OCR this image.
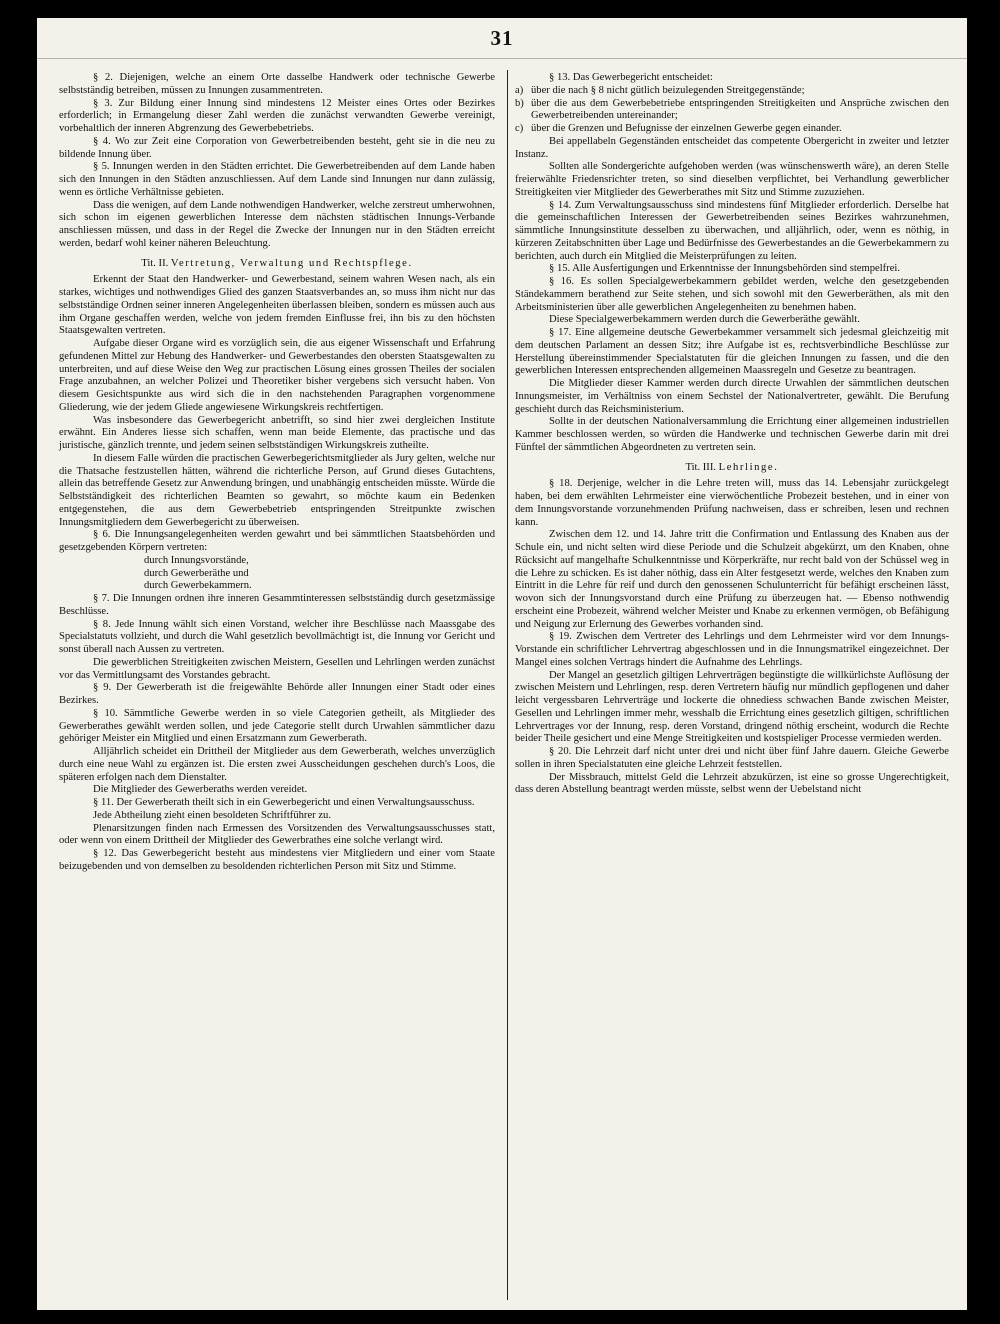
31

§ 2. Diejenigen, welche an einem Orte dasselbe Handwerk oder technische Gewerbe selbstständig betreiben, müssen zu Innungen zusammentreten.

§ 3. Zur Bildung einer Innung sind mindestens 12 Meister eines Ortes oder Bezirkes erforderlich; in Ermangelung dieser Zahl werden die zunächst verwandten Gewerbe vereinigt, vorbehaltlich der inneren Abgrenzung des Gewerbebetriebs.

§ 4. Wo zur Zeit eine Corporation von Gewerbetreibenden besteht, geht sie in die neu zu bildende Innung über.

§ 5. Innungen werden in den Städten errichtet. Die Gewerbetreibenden auf dem Lande haben sich den Innungen in den Städten anzuschliessen. Auf dem Lande sind Innungen nur dann zulässig, wenn es örtliche Verhältnisse gebieten.

Dass die wenigen, auf dem Lande nothwendigen Handwerker, welche zerstreut umherwohnen, sich schon im eigenen gewerblichen Interesse dem nächsten städtischen Innungs-Verbande anschliessen müssen, und dass in der Regel die Zwecke der Innungen nur in den Städten erreicht werden, bedarf wohl keiner näheren Beleuchtung.

Tit. II. Vertretung, Verwaltung und Rechtspflege.

Erkennt der Staat den Handwerker- und Gewerbestand, seinem wahren Wesen nach, als ein starkes, wichtiges und nothwendiges Glied des ganzen Staatsverbandes an, so muss ihm nicht nur das selbstständige Ordnen seiner inneren Angelegenheiten überlassen bleiben, sondern es müssen auch aus ihm Organe geschaffen werden, welche von jedem fremden Einflusse frei, ihn bis zu den höchsten Staatsgewalten vertreten.

Aufgabe dieser Organe wird es vorzüglich sein, die aus eigener Wissenschaft und Erfahrung gefundenen Mittel zur Hebung des Handwerker- und Gewerbestandes den obersten Staatsgewalten zu unterbreiten, und auf diese Weise den Weg zur practischen Lösung eines grossen Theiles der socialen Frage anzubahnen, an welcher Polizei und Theoretiker bisher vergebens sich versucht haben. Von diesem Gesichtspunkte aus wird sich die in den nachstehenden Paragraphen vorgenommene Gliederung, wie der jedem Gliede angewiesene Wirkungskreis rechtfertigen.

Was insbesondere das Gewerbegericht anbetrifft, so sind hier zwei dergleichen Institute erwähnt. Ein Anderes liesse sich schaffen, wenn man beide Elemente, das practische und das juristische, gänzlich trennte, und jedem seinen selbstständigen Wirkungskreis zutheilte.

In diesem Falle würden die practischen Gewerbegerichtsmitglieder als Jury gelten, welche nur die Thatsache festzustellen hätten, während die richterliche Person, auf Grund dieses Gutachtens, allein das betreffende Gesetz zur Anwendung bringen, und unabhängig entscheiden müsste. Würde die Selbstständigkeit des richterlichen Beamten so gewahrt, so möchte kaum ein Bedenken entgegenstehen, die aus dem Gewerbebetrieb entspringenden Streitpunkte zwischen Innungsmitgliedern dem Gewerbegericht zu überweisen.

§ 6. Die Innungsangelegenheiten werden gewahrt und bei sämmtlichen Staatsbehörden und gesetzgebenden Körpern vertreten:

durch Innungsvorstände,

durch Gewerberäthe und

durch Gewerbekammern.

§ 7. Die Innungen ordnen ihre inneren Gesammtinteressen selbstständig durch gesetzmässige Beschlüsse.

§ 8. Jede Innung wählt sich einen Vorstand, welcher ihre Beschlüsse nach Maassgabe des Specialstatuts vollzieht, und durch die Wahl gesetzlich bevollmächtigt ist, die Innung vor Gericht und sonst überall nach Aussen zu vertreten.

Die gewerblichen Streitigkeiten zwischen Meistern, Gesellen und Lehrlingen werden zunächst vor das Vermittlungsamt des Vorstandes gebracht.

§ 9. Der Gewerberath ist die freigewählte Behörde aller Innungen einer Stadt oder eines Bezirkes.

§ 10. Sämmtliche Gewerbe werden in so viele Categorien getheilt, als Mitglieder des Gewerberathes gewählt werden sollen, und jede Categorie stellt durch Urwahlen sämmtlicher dazu gehöriger Meister ein Mitglied und einen Ersatzmann zum Gewerberath.

Alljährlich scheidet ein Drittheil der Mitglieder aus dem Gewerberath, welches unverzüglich durch eine neue Wahl zu ergänzen ist. Die ersten zwei Ausscheidungen geschehen durch's Loos, die späteren erfolgen nach dem Dienstalter.

Die Mitglieder des Gewerberaths werden vereidet.

§ 11. Der Gewerberath theilt sich in ein Gewerbegericht und einen Verwaltungsausschuss.

Jede Abtheilung zieht einen besoldeten Schriftführer zu.

Plenarsitzungen finden nach Ermessen des Vorsitzenden des Verwaltungsausschusses statt, oder wenn von einem Drittheil der Mitglieder des Gewerbrathes eine solche verlangt wird.

§ 12. Das Gewerbegericht besteht aus mindestens vier Mitgliedern und einer vom Staate beizugebenden und von demselben zu besoldenden richterlichen Person mit Sitz und Stimme.

§ 13. Das Gewerbegericht entscheidet:

a) über die nach § 8 nicht gütlich beizulegenden Streitgegenstände;

b) über die aus dem Gewerbebetriebe entspringenden Streitigkeiten und Ansprüche zwischen den Gewerbetreibenden untereinander;

c) über die Grenzen und Befugnisse der einzelnen Gewerbe gegen einander.

Bei appellabeln Gegenständen entscheidet das competente Obergericht in zweiter und letzter Instanz.

Sollten alle Sondergerichte aufgehoben werden (was wünschenswerth wäre), an deren Stelle freierwählte Friedensrichter treten, so sind dieselben verpflichtet, bei Verhandlung gewerblicher Streitigkeiten vier Mitglieder des Gewerberathes mit Sitz und Stimme zuzuziehen.

§ 14. Zum Verwaltungsausschuss sind mindestens fünf Mitglieder erforderlich. Derselbe hat die gemeinschaftlichen Interessen der Gewerbetreibenden seines Bezirkes wahrzunehmen, sämmtliche Innungsinstitute desselben zu überwachen, und alljährlich, oder, wenn es nöthig, in kürzeren Zeitabschnitten über Lage und Bedürfnisse des Gewerbestandes an die Gewerbekammern zu berichten, auch durch ein Mitglied die Meisterprüfungen zu leiten.

§ 15. Alle Ausfertigungen und Erkenntnisse der Innungsbehörden sind stempelfrei.

§ 16. Es sollen Specialgewerbekammern gebildet werden, welche den gesetzgebenden Ständekammern berathend zur Seite stehen, und sich sowohl mit den Gewerberäthen, als mit den Arbeitsministerien über alle gewerblichen Angelegenheiten zu benehmen haben.

Diese Specialgewerbekammern werden durch die Gewerberäthe gewählt.

§ 17. Eine allgemeine deutsche Gewerbekammer versammelt sich jedesmal gleichzeitig mit dem deutschen Parlament an dessen Sitz; ihre Aufgabe ist es, rechtsverbindliche Beschlüsse zur Herstellung übereinstimmender Specialstatuten für die gleichen Innungen zu fassen, und die den gewerblichen Interessen entsprechenden allgemeinen Maassregeln und Gesetze zu beantragen.

Die Mitglieder dieser Kammer werden durch directe Urwahlen der sämmtlichen deutschen Innungsmeister, im Verhältniss von einem Sechstel der Nationalvertreter, gewählt. Die Berufung geschieht durch das Reichsministerium.

Sollte in der deutschen Nationalversammlung die Errichtung einer allgemeinen industriellen Kammer beschlossen werden, so würden die Handwerke und technischen Gewerbe darin mit drei Fünftel der sämmtlichen Abgeordneten zu vertreten sein.

Tit. III. Lehrlinge.

§ 18. Derjenige, welcher in die Lehre treten will, muss das 14. Lebensjahr zurückgelegt haben, bei dem erwählten Lehrmeister eine vierwöchentliche Probezeit bestehen, und in einer von dem Innungsvorstande vorzunehmenden Prüfung nachweisen, dass er schreiben, lesen und rechnen kann.

Zwischen dem 12. und 14. Jahre tritt die Confirmation und Entlassung des Knaben aus der Schule ein, und nicht selten wird diese Periode und die Schulzeit abgekürzt, um den Knaben, ohne Rücksicht auf mangelhafte Schulkenntnisse und Körperkräfte, nur recht bald von der Schüssel weg in die Lehre zu schicken. Es ist daher nöthig, dass ein Alter festgesetzt werde, welches den Knaben zum Eintritt in die Lehre für reif und durch den genossenen Schulunterricht für befähigt erscheinen lässt, wovon sich der Innungsvorstand durch eine Prüfung zu überzeugen hat. — Ebenso nothwendig erscheint eine Probezeit, während welcher Meister und Knabe zu erkennen vermögen, ob Befähigung und Neigung zur Erlernung des Gewerbes vorhanden sind.

§ 19. Zwischen dem Vertreter des Lehrlings und dem Lehrmeister wird vor dem Innungs-Vorstande ein schriftlicher Lehrvertrag abgeschlossen und in die Innungsmatrikel eingezeichnet. Der Mangel eines solchen Vertrags hindert die Aufnahme des Lehrlings.

Der Mangel an gesetzlich giltigen Lehrverträgen begünstigte die willkürlichste Auflösung der zwischen Meistern und Lehrlingen, resp. deren Vertretern häufig nur mündlich gepflogenen und daher leicht vergessbaren Lehrverträge und lockerte die ohnediess schwachen Bande zwischen Meister, Gesellen und Lehrlingen immer mehr, wesshalb die Errichtung eines gesetzlich giltigen, schriftlichen Lehrvertrages vor der Innung, resp. deren Vorstand, dringend nöthig erscheint, wodurch die Rechte beider Theile gesichert und eine Menge Streitigkeiten und kostspieliger Processe vermieden werden.

§ 20. Die Lehrzeit darf nicht unter drei und nicht über fünf Jahre dauern. Gleiche Gewerbe sollen in ihren Specialstatuten eine gleiche Lehrzeit feststellen.

Der Missbrauch, mittelst Geld die Lehrzeit abzukürzen, ist eine so grosse Ungerechtigkeit, dass deren Abstellung beantragt werden müsste, selbst wenn der Uebelstand nicht
